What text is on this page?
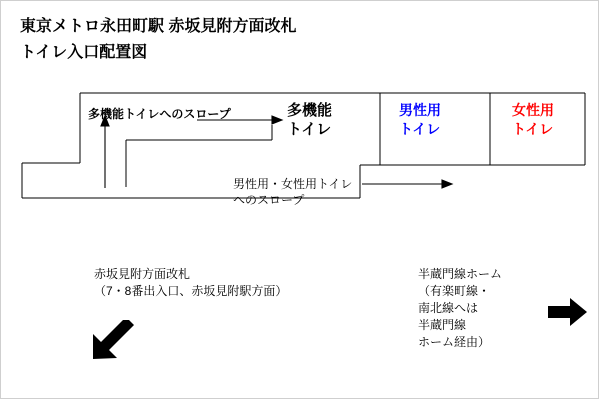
東京メトロ永田町駅 赤坂見附方面改札
トイレ入口配置図
多機能
トイレ
男性用
トイレ
女性用
トイレ
多機能トイレへのスロープ
男性用・女性用トイレ
へのスロープ
赤坂見附方面改札
（7・8番出入口、赤坂見附駅方面）
半蔵門線ホーム
（有楽町線・
南北線へは
半蔵門線
ホーム経由）
